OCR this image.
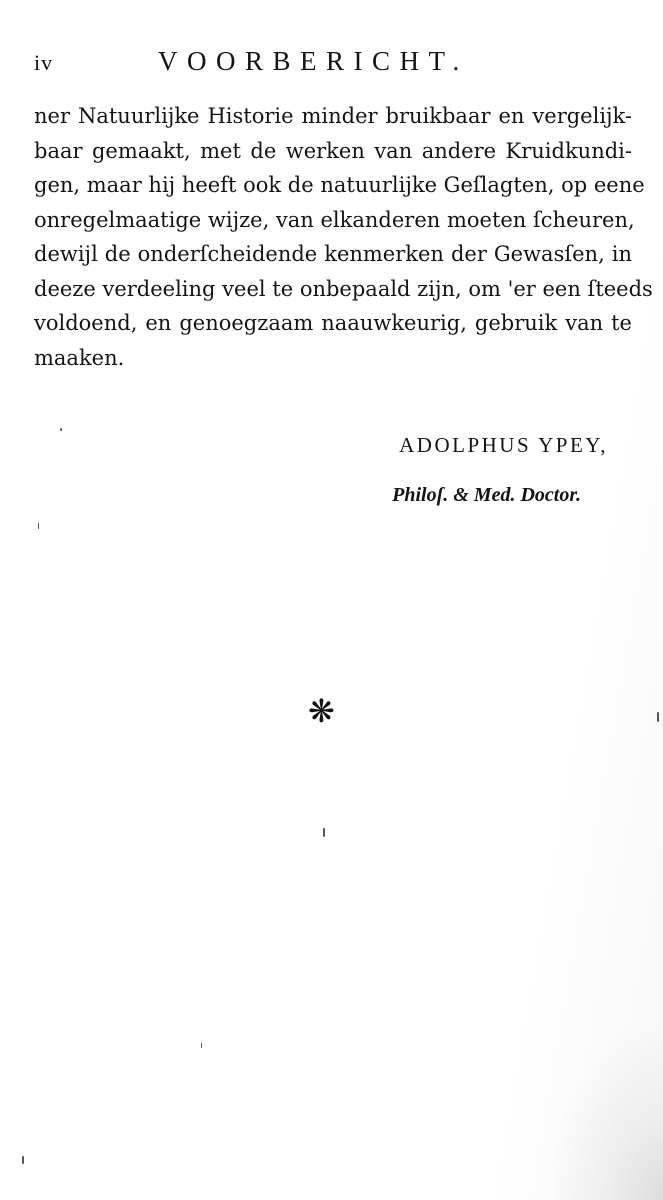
iv	VOORBERICHT.
ner Natuurlijke Historie minder bruikbaar en vergelijk-
baar gemaakt, met de werken van andere Kruidkundi-
gen, maar hij heeft ook de natuurlijke Geſlagten, op eene
onregelmaatige wijze, van elkanderen moeten ſcheuren,
dewijl de onderſcheidende kenmerken der Gewasſen, in
deeze verdeeling veel te onbepaald zijn, om 'er een ſteeds
voldoend, en genoegzaam naauwkeurig, gebruik van te
maaken.
ADOLPHUS YPEY,
Philoſ. & Med. Doctor.
❋
